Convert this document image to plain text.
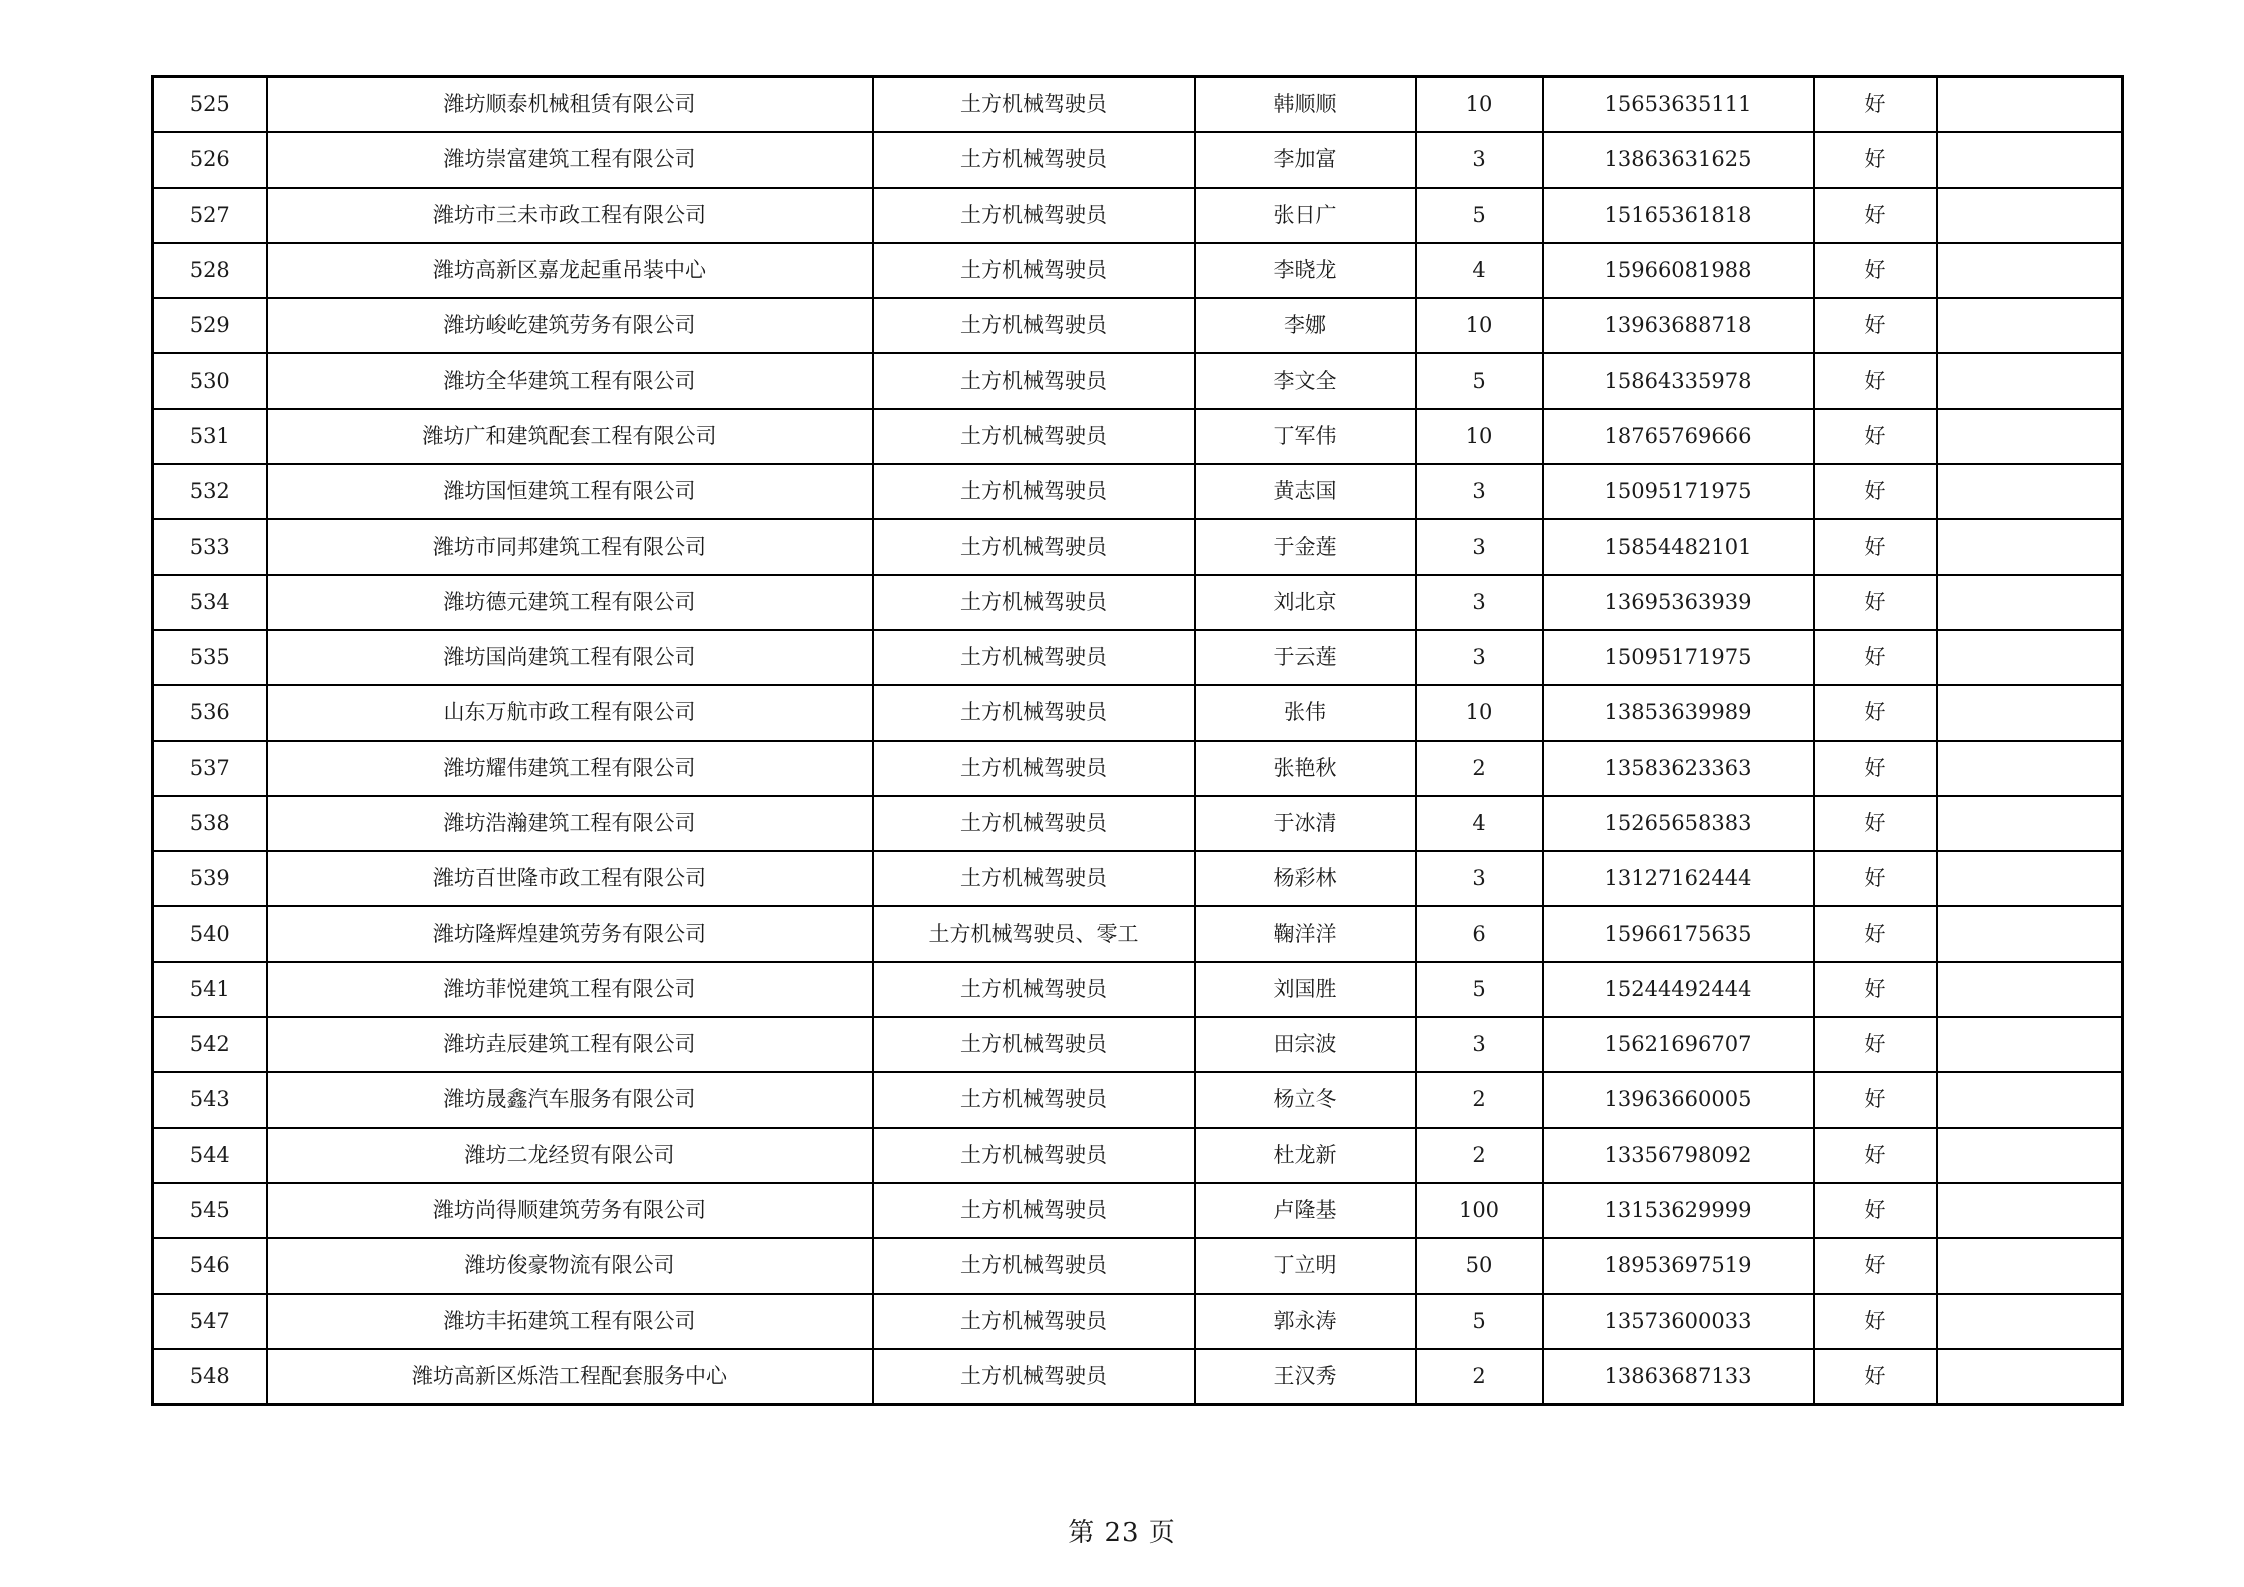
525	潍坊顺泰机械租赁有限公司	土方机械驾驶员	韩顺顺	10	15653635111	好	
526	潍坊崇富建筑工程有限公司	土方机械驾驶员	李加富	3	13863631625	好	
527	潍坊市三未市政工程有限公司	土方机械驾驶员	张日广	5	15165361818	好	
528	潍坊高新区嘉龙起重吊装中心	土方机械驾驶员	李晓龙	4	15966081988	好	
529	潍坊峻屹建筑劳务有限公司	土方机械驾驶员	李娜	10	13963688718	好	
530	潍坊全华建筑工程有限公司	土方机械驾驶员	李文全	5	15864335978	好	
531	潍坊广和建筑配套工程有限公司	土方机械驾驶员	丁军伟	10	18765769666	好	
532	潍坊国恒建筑工程有限公司	土方机械驾驶员	黄志国	3	15095171975	好	
533	潍坊市同邦建筑工程有限公司	土方机械驾驶员	于金莲	3	15854482101	好	
534	潍坊德元建筑工程有限公司	土方机械驾驶员	刘北京	3	13695363939	好	
535	潍坊国尚建筑工程有限公司	土方机械驾驶员	于云莲	3	15095171975	好	
536	山东万航市政工程有限公司	土方机械驾驶员	张伟	10	13853639989	好	
537	潍坊耀伟建筑工程有限公司	土方机械驾驶员	张艳秋	2	13583623363	好	
538	潍坊浩瀚建筑工程有限公司	土方机械驾驶员	于冰清	4	15265658383	好	
539	潍坊百世隆市政工程有限公司	土方机械驾驶员	杨彩林	3	13127162444	好	
540	潍坊隆辉煌建筑劳务有限公司	土方机械驾驶员、零工	鞠洋洋	6	15966175635	好	
541	潍坊菲悦建筑工程有限公司	土方机械驾驶员	刘国胜	5	15244492444	好	
542	潍坊垚辰建筑工程有限公司	土方机械驾驶员	田宗波	3	15621696707	好	
543	潍坊晟鑫汽车服务有限公司	土方机械驾驶员	杨立冬	2	13963660005	好	
544	潍坊二龙经贸有限公司	土方机械驾驶员	杜龙新	2	13356798092	好	
545	潍坊尚得顺建筑劳务有限公司	土方机械驾驶员	卢隆基	100	13153629999	好	
546	潍坊俊豪物流有限公司	土方机械驾驶员	丁立明	50	18953697519	好	
547	潍坊丰拓建筑工程有限公司	土方机械驾驶员	郭永涛	5	13573600033	好	
548	潍坊高新区烁浩工程配套服务中心	土方机械驾驶员	王汉秀	2	13863687133	好	
第 23 页
